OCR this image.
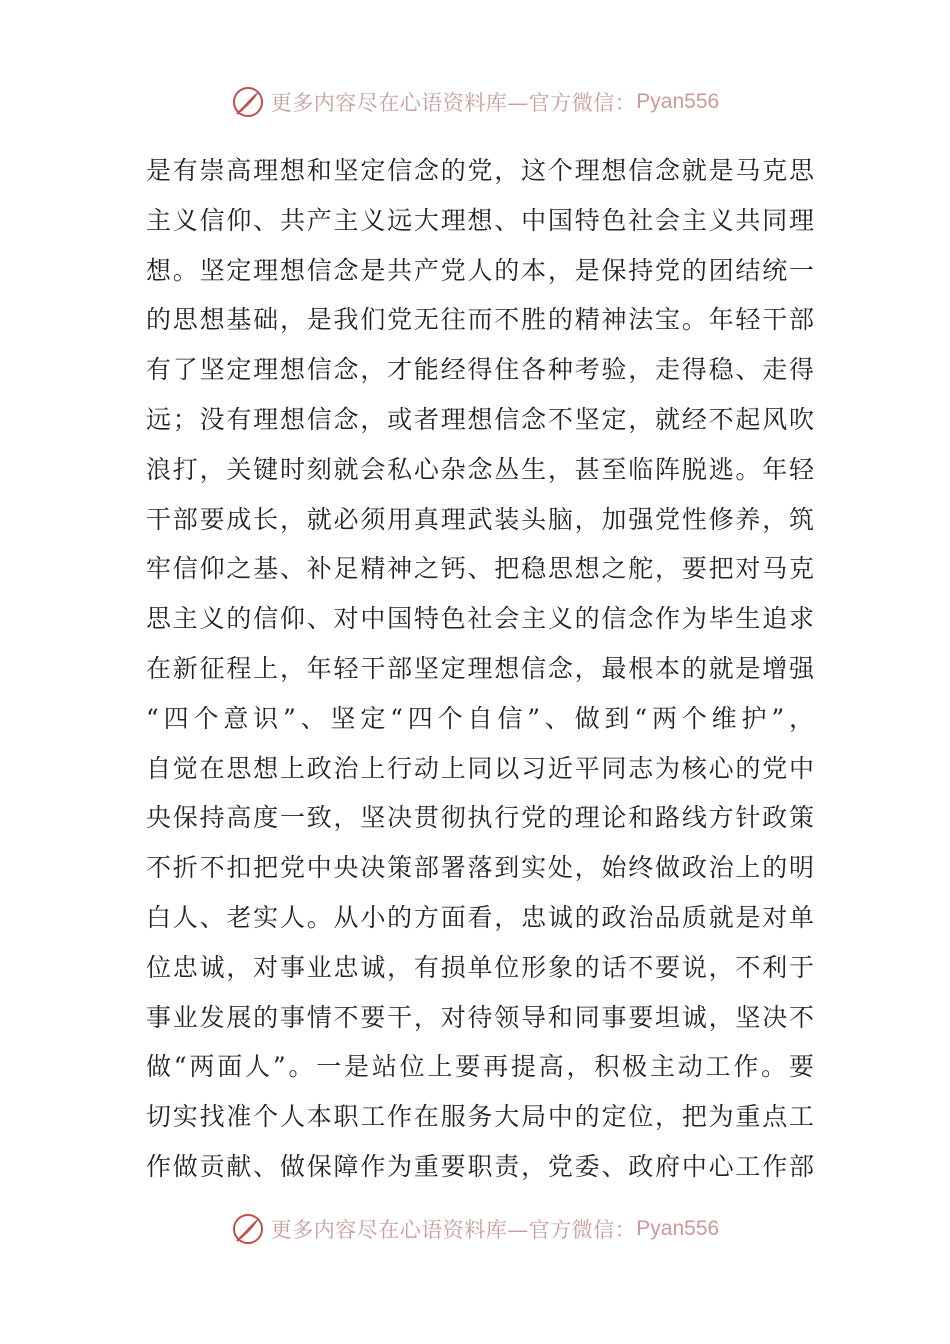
更多内容尽在心语资料库—官方微信： Pyan556
是有崇高理想和坚定信念的党，这个理想信念就是马克思
主义信仰、共产主义远大理想、中国特色社会主义共同理
想。坚定理想信念是共产党人的本，是保持党的团结统一
的思想基础，是我们党无往而不胜的精神法宝。年轻干部
有了坚定理想信念，才能经得住各种考验，走得稳、走得
远；没有理想信念，或者理想信念不坚定，就经不起风吹
浪打，关键时刻就会私心杂念丛生，甚至临阵脱逃。年轻
干部要成长，就必须用真理武装头脑，加强党性修养，筑
牢信仰之基、补足精神之钙、把稳思想之舵，要把对马克
思主义的信仰、对中国特色社会主义的信念作为毕生追求
在新征程上，年轻干部坚定理想信念，最根本的就是增强
“四个意识”、坚定“四个自信”、做到“两个维护”，
自觉在思想上政治上行动上同以习近平同志为核心的党中
央保持高度一致，坚决贯彻执行党的理论和路线方针政策
不折不扣把党中央决策部署落到实处，始终做政治上的明
白人、老实人。从小的方面看，忠诚的政治品质就是对单
位忠诚，对事业忠诚，有损单位形象的话不要说，不利于
事业发展的事情不要干，对待领导和同事要坦诚，坚决不
做“两面人”。一是站位上要再提高，积极主动工作。要
切实找准个人本职工作在服务大局中的定位，把为重点工
作做贡献、做保障作为重要职责，党委、政府中心工作部
更多内容尽在心语资料库—官方微信： Pyan556
